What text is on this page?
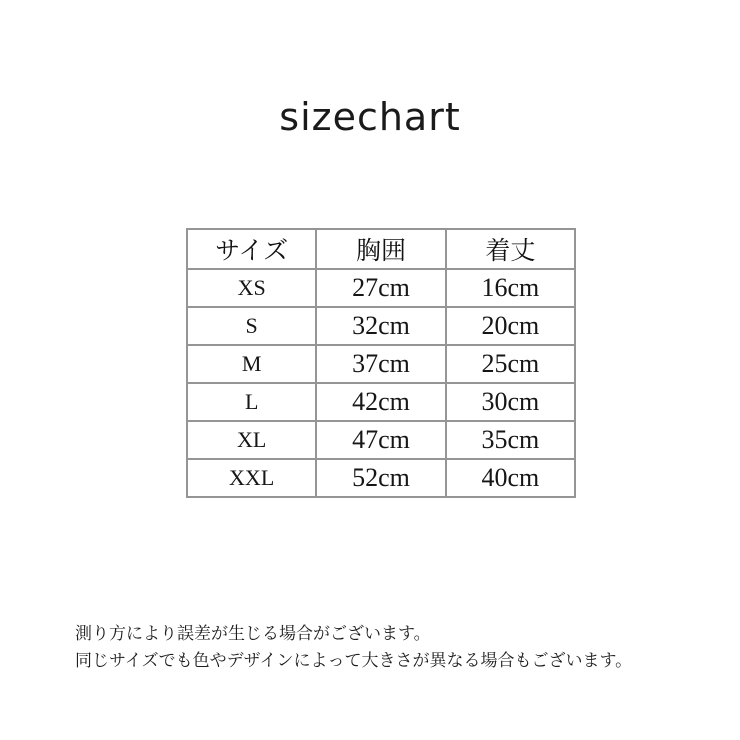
sizechart
サイズ	胸囲	着丈
XS	27cm	16cm
S	32cm	20cm
M	37cm	25cm
L	42cm	30cm
XL	47cm	35cm
XXL	52cm	40cm
測り方により誤差が生じる場合がございます。
同じサイズでも色やデザインによって大きさが異なる場合もございます。
